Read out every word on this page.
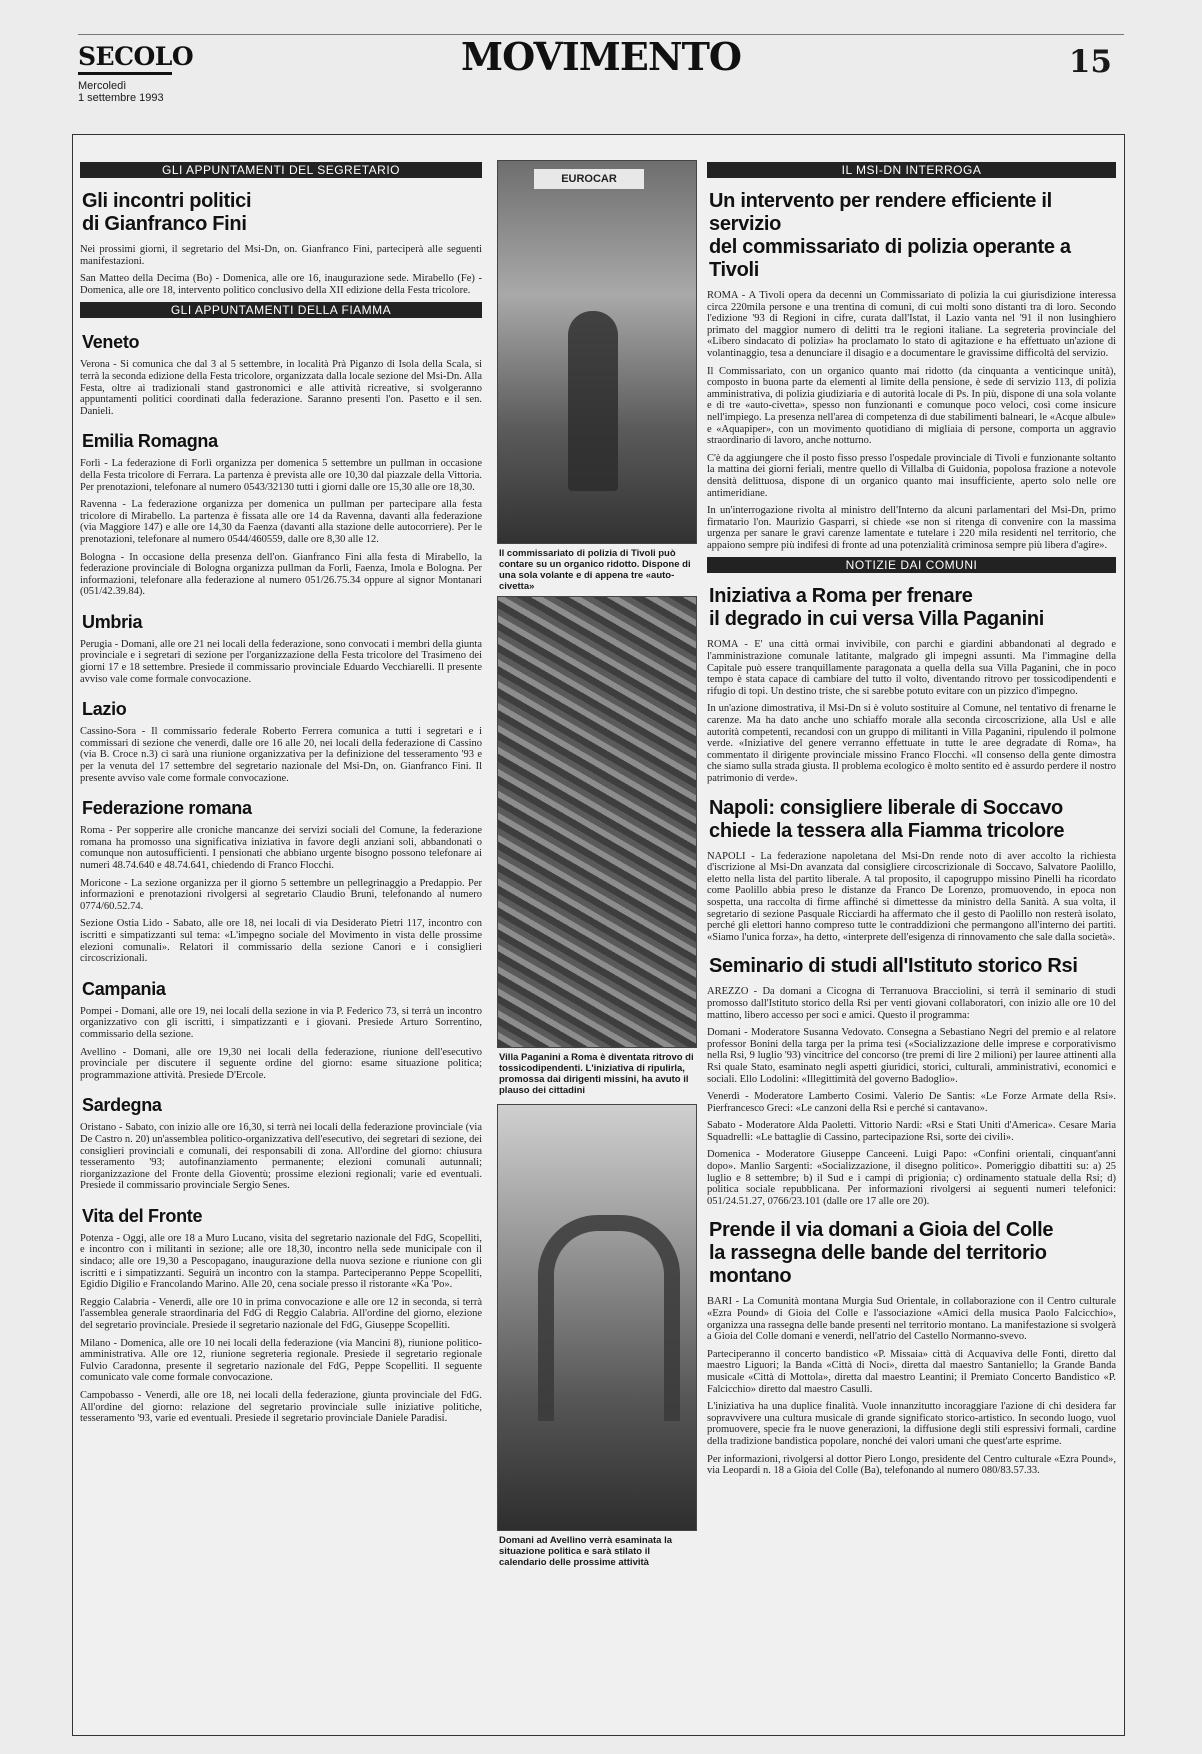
SECOLO
Mercoledì
1 settembre 1993
MOVIMENTO	15
GLI APPUNTAMENTI DEL SEGRETARIO
Gli incontri politici
di Gianfranco Fini

Nei prossimi giorni, il segretario del Msi-Dn, on. Gianfranco Fini, parteciperà alle seguenti manifestazioni.

San Matteo della Decima (Bo) - Domenica, alle ore 16, inaugurazione sede. Mirabello (Fe) - Domenica, alle ore 18, intervento politico conclusivo della XII edizione della Festa tricolore.

GLI APPUNTAMENTI DELLA FIAMMA
Veneto

Verona - Si comunica che dal 3 al 5 settembre, in località Prà Piganzo di Isola della Scala, si terrà la seconda edizione della Festa tricolore, organizzata dalla locale sezione del Msi-Dn. Alla Festa, oltre ai tradizionali stand gastronomici e alle attività ricreative, si svolgeranno appuntamenti politici coordinati dalla federazione. Saranno presenti l'on. Pasetto e il sen. Danieli.

Emilia Romagna

Forlì - La federazione di Forlì organizza per domenica 5 settembre un pullman in occasione della Festa tricolore di Ferrara. La partenza è prevista alle ore 10,30 dal piazzale della Vittoria. Per prenotazioni, telefonare al numero 0543/32130 tutti i giorni dalle ore 15,30 alle ore 18,30.

Ravenna - La federazione organizza per domenica un pullman per partecipare alla festa tricolore di Mirabello. La partenza è fissata alle ore 14 da Ravenna, davanti alla federazione (via Maggiore 147) e alle ore 14,30 da Faenza (davanti alla stazione delle autocorriere). Per le prenotazioni, telefonare al numero 0544/460559, dalle ore 8,30 alle 12.

Bologna - In occasione della presenza dell'on. Gianfranco Fini alla festa di Mirabello, la federazione provinciale di Bologna organizza pullman da Forlì, Faenza, Imola e Bologna. Per informazioni, telefonare alla federazione al numero 051/26.75.34 oppure al signor Montanari (051/42.39.84).

Umbria

Perugia - Domani, alle ore 21 nei locali della federazione, sono convocati i membri della giunta provinciale e i segretari di sezione per l'organizzazione della Festa tricolore del Trasimeno dei giorni 17 e 18 settembre. Presiede il commissario provinciale Eduardo Vecchiarelli. Il presente avviso vale come formale convocazione.

Lazio

Cassino-Sora - Il commissario federale Roberto Ferrera comunica a tutti i segretari e i commissari di sezione che venerdì, dalle ore 16 alle 20, nei locali della federazione di Cassino (via B. Croce n.3) ci sarà una riunione organizzativa per la definizione del tesseramento '93 e per la venuta del 17 settembre del segretario nazionale del Msi-Dn, on. Gianfranco Fini. Il presente avviso vale come formale convocazione.

Federazione romana

Roma - Per sopperire alle croniche mancanze dei servizi sociali del Comune, la federazione romana ha promosso una significativa iniziativa in favore degli anziani soli, abbandonati o comunque non autosufficienti. I pensionati che abbiano urgente bisogno possono telefonare ai numeri 48.74.640 e 48.74.641, chiedendo di Franco Flocchi.

Moricone - La sezione organizza per il giorno 5 settembre un pellegrinaggio a Predappio. Per informazioni e prenotazioni rivolgersi al segretario Claudio Bruni, telefonando al numero 0774/60.52.74.

Sezione Ostia Lido - Sabato, alle ore 18, nei locali di via Desiderato Pietri 117, incontro con iscritti e simpatizzanti sul tema: «L'impegno sociale del Movimento in vista delle prossime elezioni comunali». Relatori il commissario della sezione Canori e i consiglieri circoscrizionali.

Campania

Pompei - Domani, alle ore 19, nei locali della sezione in via P. Federico 73, si terrà un incontro organizzativo con gli iscritti, i simpatizzanti e i giovani. Presiede Arturo Sorrentino, commissario della sezione.

Avellino - Domani, alle ore 19,30 nei locali della federazione, riunione dell'esecutivo provinciale per discutere il seguente ordine del giorno: esame situazione politica; programmazione attività. Presiede D'Ercole.

Sardegna

Oristano - Sabato, con inizio alle ore 16,30, si terrà nei locali della federazione provinciale (via De Castro n. 20) un'assemblea politico-organizzativa dell'esecutivo, dei segretari di sezione, dei consiglieri provinciali e comunali, dei responsabili di zona. All'ordine del giorno: chiusura tesseramento '93; autofinanziamento permanente; elezioni comunali autunnali; riorganizzazione del Fronte della Gioventù; prossime elezioni regionali; varie ed eventuali. Presiede il commissario provinciale Sergio Senes.

Vita del Fronte

Potenza - Oggi, alle ore 18 a Muro Lucano, visita del segretario nazionale del FdG, Scopelliti, e incontro con i militanti in sezione; alle ore 18,30, incontro nella sede municipale con il sindaco; alle ore 19,30 a Pescopagano, inaugurazione della nuova sezione e riunione con gli iscritti e i simpatizzanti. Seguirà un incontro con la stampa. Parteciperanno Peppe Scopelliti, Egidio Digilio e Francolando Marino. Alle 20, cena sociale presso il ristorante «Ka 'Po».

Reggio Calabria - Venerdì, alle ore 10 in prima convocazione e alle ore 12 in seconda, si terrà l'assemblea generale straordinaria del FdG di Reggio Calabria. All'ordine del giorno, elezione del segretario provinciale. Presiede il segretario nazionale del FdG, Giuseppe Scopelliti.

Milano - Domenica, alle ore 10 nei locali della federazione (via Mancini 8), riunione politico-amministrativa. Alle ore 12, riunione segreteria regionale. Presiede il segretario regionale Fulvio Caradonna, presente il segretario nazionale del FdG, Peppe Scopelliti. Il seguente comunicato vale come formale convocazione.

Campobasso - Venerdì, alle ore 18, nei locali della federazione, giunta provinciale del FdG. All'ordine del giorno: relazione del segretario provinciale sulle iniziative politiche, tesseramento '93, varie ed eventuali. Presiede il segretario provinciale Daniele Paradisi.

EUROCAR
Il commissariato di polizia di Tivoli può contare su un organico ridotto. Dispone di una sola volante e di appena tre «auto-civetta»
Villa Paganini a Roma è diventata ritrovo di tossicodipendenti. L'iniziativa di ripulirla, promossa dai dirigenti missini, ha avuto il plauso dei cittadini
Domani ad Avellino verrà esaminata la situazione politica e sarà stilato il calendario delle prossime attività
IL MSI-DN INTERROGA
Un intervento per rendere efficiente il servizio
del commissariato di polizia operante a Tivoli

ROMA - A Tivoli opera da decenni un Commissariato di polizia la cui giurisdizione interessa circa 220mila persone e una trentina di comuni, di cui molti sono distanti tra di loro. Secondo l'edizione '93 di Regioni in cifre, curata dall'Istat, il Lazio vanta nel '91 il non lusinghiero primato del maggior numero di delitti tra le regioni italiane. La segreteria provinciale del «Libero sindacato di polizia» ha proclamato lo stato di agitazione e ha effettuato un'azione di volantinaggio, tesa a denunciare il disagio e a documentare le gravissime difficoltà del servizio.

Il Commissariato, con un organico quanto mai ridotto (da cinquanta a venticinque unità), composto in buona parte da elementi al limite della pensione, è sede di servizio 113, di polizia amministrativa, di polizia giudiziaria e di autorità locale di Ps. In più, dispone di una sola volante e di tre «auto-civetta», spesso non funzionanti e comunque poco veloci, così come insicure nell'impiego. La presenza nell'area di competenza di due stabilimenti balneari, le «Acque albule» e «Aquapiper», con un movimento quotidiano di migliaia di persone, comporta un aggravio straordinario di lavoro, anche notturno.

C'è da aggiungere che il posto fisso presso l'ospedale provinciale di Tivoli e funzionante soltanto la mattina dei giorni feriali, mentre quello di Villalba di Guidonia, popolosa frazione a notevole densità delittuosa, dispone di un organico quanto mai insufficiente, aperto solo nelle ore antimeridiane.

In un'interrogazione rivolta al ministro dell'Interno da alcuni parlamentari del Msi-Dn, primo firmatario l'on. Maurizio Gasparri, si chiede «se non si ritenga di convenire con la massima urgenza per sanare le gravi carenze lamentate e tutelare i 220 mila residenti nel territorio, che appaiono sempre più indifesi di fronte ad una potenzialità criminosa sempre più libera d'agire».

NOTIZIE DAI COMUNI
Iniziativa a Roma per frenare
il degrado in cui versa Villa Paganini

ROMA - E' una città ormai invivibile, con parchi e giardini abbandonati al degrado e l'amministrazione comunale latitante, malgrado gli impegni assunti. Ma l'immagine della Capitale può essere tranquillamente paragonata a quella della sua Villa Paganini, che in poco tempo è stata capace di cambiare del tutto il volto, diventando ritrovo per tossicodipendenti e rifugio di topi. Un destino triste, che si sarebbe potuto evitare con un pizzico d'impegno.

In un'azione dimostrativa, il Msi-Dn si è voluto sostituire al Comune, nel tentativo di frenarne le carenze. Ma ha dato anche uno schiaffo morale alla seconda circoscrizione, alla Usl e alle autorità competenti, recandosi con un gruppo di militanti in Villa Paganini, ripulendo il polmone verde. «Iniziative del genere verranno effettuate in tutte le aree degradate di Roma», ha commentato il dirigente provinciale missino Franco Flocchi. «Il consenso della gente dimostra che siamo sulla strada giusta. Il problema ecologico è molto sentito ed è assurdo perdere il nostro patrimonio di verde».

Napoli: consigliere liberale di Soccavo
chiede la tessera alla Fiamma tricolore

NAPOLI - La federazione napoletana del Msi-Dn rende noto di aver accolto la richiesta d'iscrizione al Msi-Dn avanzata dal consigliere circoscrizionale di Soccavo, Salvatore Paolillo, eletto nella lista del partito liberale. A tal proposito, il capogruppo missino Pinelli ha ricordato come Paolillo abbia preso le distanze da Franco De Lorenzo, promuovendo, in epoca non sospetta, una raccolta di firme affinché si dimettesse da ministro della Sanità. A sua volta, il segretario di sezione Pasquale Ricciardi ha affermato che il gesto di Paolillo non resterà isolato, perché gli elettori hanno compreso tutte le contraddizioni che permangono all'interno dei partiti. «Siamo l'unica forza», ha detto, «interprete dell'esigenza di rinnovamento che sale dalla società».

Seminario di studi all'Istituto storico Rsi

AREZZO - Da domani a Cicogna di Terranuova Bracciolini, si terrà il seminario di studi promosso dall'Istituto storico della Rsi per venti giovani collaboratori, con inizio alle ore 10 del mattino, libero accesso per soci e amici. Questo il programma:

Domani - Moderatore Susanna Vedovato. Consegna a Sebastiano Negri del premio e al relatore professor Bonini della targa per la prima tesi («Socializzazione delle imprese e corporativismo nella Rsi, 9 luglio '93) vincitrice del concorso (tre premi di lire 2 milioni) per lauree attinenti alla Rsi quale Stato, esaminato negli aspetti giuridici, storici, culturali, amministrativi, economici e sociali. Ello Lodolini: «Illegittimità del governo Badoglio».

Venerdì - Moderatore Lamberto Cosimi. Valerio De Santis: «Le Forze Armate della Rsi». Pierfrancesco Greci: «Le canzoni della Rsi e perché si cantavano».

Sabato - Moderatore Alda Paoletti. Vittorio Nardi: «Rsi e Stati Uniti d'America». Cesare Maria Squadrelli: «Le battaglie di Cassino, partecipazione Rsi, sorte dei civili».

Domenica - Moderatore Giuseppe Canceeni. Luigi Papo: «Confini orientali, cinquant'anni dopo». Manlio Sargenti: «Socializzazione, il disegno politico». Pomeriggio dibattiti su: a) 25 luglio e 8 settembre; b) il Sud e i campi di prigionia; c) ordinamento statuale della Rsi; d) politica sociale repubblicana. Per informazioni rivolgersi ai seguenti numeri telefonici: 051/24.51.27, 0766/23.101 (dalle ore 17 alle ore 20).

Prende il via domani a Gioia del Colle
la rassegna delle bande del territorio montano

BARI - La Comunità montana Murgia Sud Orientale, in collaborazione con il Centro culturale «Ezra Pound» di Gioia del Colle e l'associazione «Amici della musica Paolo Falcicchio», organizza una rassegna delle bande presenti nel territorio montano. La manifestazione si svolgerà a Gioia del Colle domani e venerdì, nell'atrio del Castello Normanno-svevo.

Parteciperanno il concerto bandistico «P. Missaia» città di Acquaviva delle Fonti, diretto dal maestro Liguori; la Banda «Città di Noci», diretta dal maestro Santaniello; la Grande Banda musicale «Città di Mottola», diretta dal maestro Leantini; il Premiato Concerto Bandistico «P. Falcicchio» diretto dal maestro Casulli.

L'iniziativa ha una duplice finalità. Vuole innanzitutto incoraggiare l'azione di chi desidera far sopravvivere una cultura musicale di grande significato storico-artistico. In secondo luogo, vuol promuovere, specie fra le nuove generazioni, la diffusione degli stili espressivi formali, cardine della tradizione bandistica popolare, nonché dei valori umani che quest'arte esprime.

Per informazioni, rivolgersi al dottor Piero Longo, presidente del Centro culturale «Ezra Pound», via Leopardi n. 18 a Gioia del Colle (Ba), telefonando al numero 080/83.57.33.
